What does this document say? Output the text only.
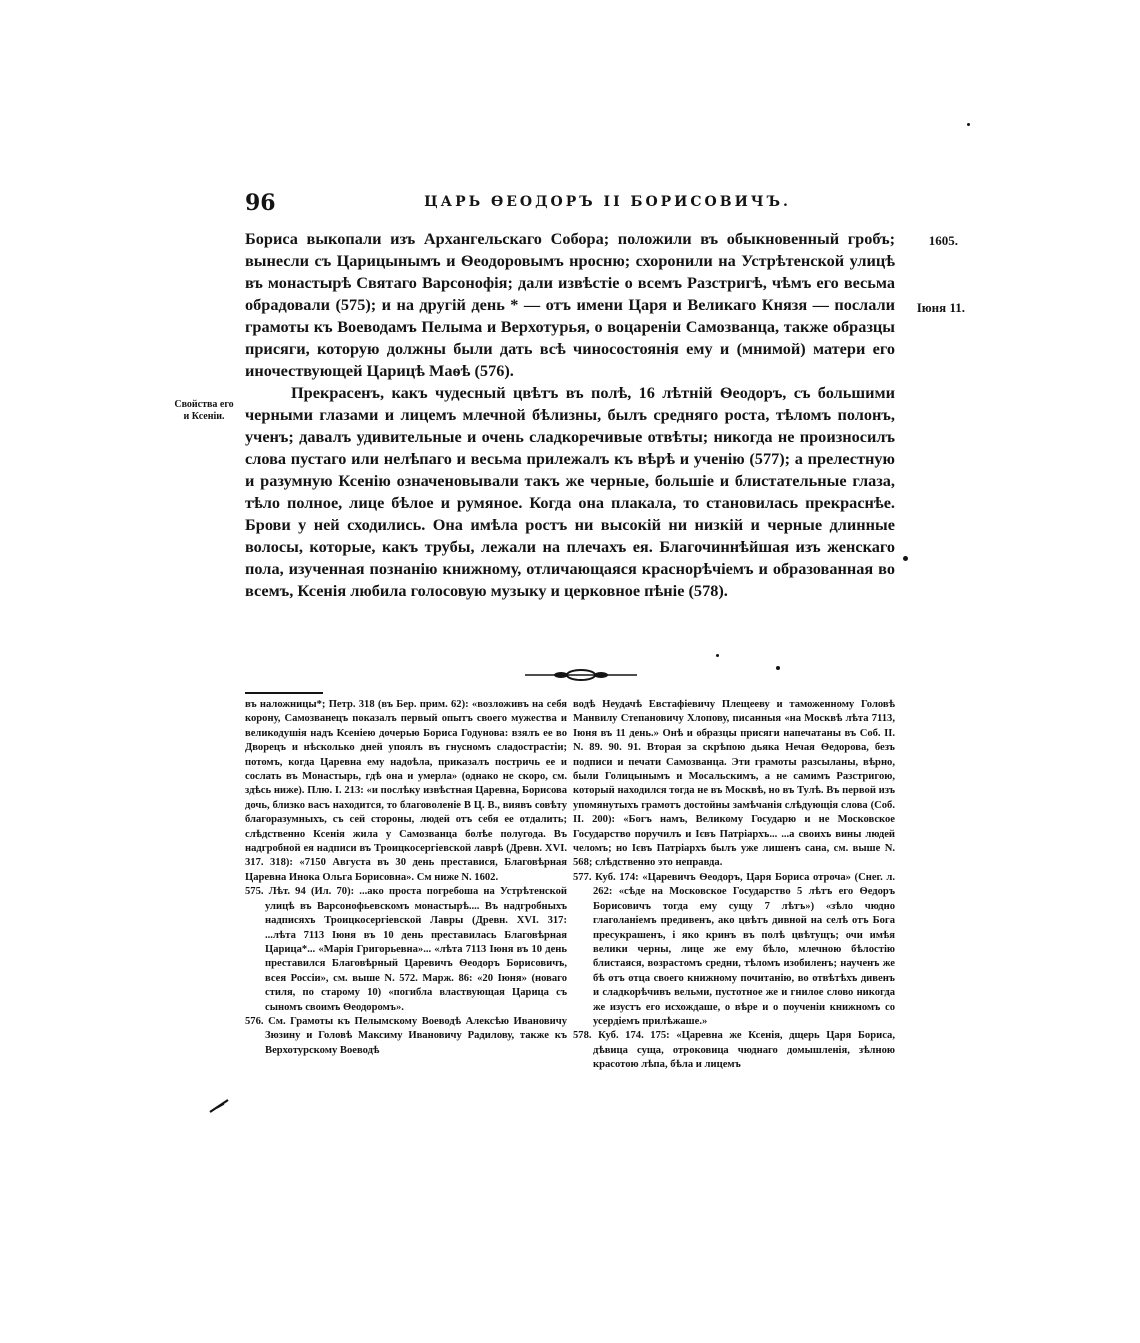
96	ЦАРЬ ѲЕОДОРЪ II БОРИСОВИЧЪ.
1605.
Іюня 11.
Свойства его
и Ксеніи.

Бориса выкопали изъ Архангельскаго Собора; положили въ обыкновенный гробъ; вынесли съ Царицынымъ и Ѳеодоровымъ нросню; схоронили на Устрѣтенской улицѣ въ монастырѣ Святаго Варсонофія; дали извѣстіе о всемъ Разстригѣ, чѣмъ его весьма обрадовали (575); и на другій день * — отъ имени Царя и Великаго Князя — послали грамоты къ Воеводамъ Пелыма и Верхотурья, о воцареніи Самозванца, также образцы присяги, которую должны были дать всѣ чиносостоянія ему и (мнимой) матери его иночествующей Царицѣ Маѳѣ (576).

Прекрасенъ, какъ чудесный цвѣтъ въ полѣ, 16 лѣтній Ѳеодоръ, съ большими черными глазами и лицемъ млечной бѣлизны, былъ средняго роста, тѣломъ полонъ, ученъ; давалъ удивительные и очень сладкоречивые отвѣты; никогда не произносилъ слова пустаго или нелѣпаго и весьма прилежалъ къ вѣрѣ и ученію (577); а прелестную и разумную Ксенію означеновывали такъ же черные, большіе и блистательные глаза, тѣло полное, лице бѣлое и румяное. Когда она плакала, то становилась прекраснѣе. Брови у ней сходились. Она имѣла ростъ ни высокій ни низкій и черные длинные волосы, которые, какъ трубы, лежали на плечахъ ея. Благочиннѣйшая изъ женскаго пола, изученная познанію книжному, отличающаяся краснорѣчіемъ и образованная во всемъ, Ксенія любила голосовую музыку и церковное пѣніе (578).

въ наложницы*; Петр. 318 (въ Бер. прим. 62): «возложивъ на себя корону, Самозванецъ показалъ первый опытъ своего мужества и великодушія надъ Ксеніею дочерью Бориса Годунова: взялъ ее во Дворецъ и нѣсколько дней упоялъ въ гнусномъ сладострастіи; потомъ, когда Царевна ему надоѣла, приказалъ постричь ее и сослать въ Монастырь, гдѣ она и умерла» (однако не скоро, см. здѣсь ниже). Плю. I. 213: «и послѣку извѣстная Царевна, Борисова дочь, близко васъ находится, то благоволеніе В Ц. В., виявъ совѣту благоразумныхъ, съ сей стороны, людей отъ себя ее отдалить; слѣдственно Ксенія жила у Самозванца болѣе полугода. Въ надгробной ея надписи въ Троицкосергіевской лаврѣ (Древн. XVI. 317. 318): «7150 Августа въ 30 день преставися, Благовѣрная Царевна Инока Ольга Борисовна». См ниже N. 1602.

575. Лѣт. 94 (Ил. 70): ...ако проста погребоша на Устрѣтенской улицѣ въ Варсонофьевскомъ монастырѣ.... Въ надгробныхъ надписяхъ Троицкосергіевской Лавры (Древн. XVI. 317: ...лѣта 7113 Іюня въ 10 день преставилась Благовѣрная Царица*... «Марія Григорьевна»... «лѣта 7113 Іюня въ 10 день преставился Благовѣрный Царевичъ Ѳеодоръ Борисовичъ, всея Россіи», см. выше N. 572. Марж. 86: «20 Іюня» (новаго стиля, по старому 10) «погибла властвующая Царица съ сыномъ своимъ Ѳеодоромъ».

576. См. Грамоты къ Пелымскому Воеводѣ Алексѣю Ивановичу Зюзину и Головѣ Максиму Ивановичу Радилову, также къ Верхотурскому Воеводѣ

водѣ Неудачѣ Евстафіевичу Плещееву и таможенному Головѣ Манвилу Степановичу Хлопову, писанныя «на Москвѣ лѣта 7113, Іюня въ 11 день.» Онѣ и образцы присяги напечатаны въ Соб. II. N. 89. 90. 91. Вторая за скрѣпою дьяка Нечая Ѳедорова, безъ подписи и печати Самозванца. Эти грамоты разсыланы, вѣрно, были Голицынымъ и Мосальскимъ, а не самимъ Разстригою, который находился тогда не въ Москвѣ, но въ Тулѣ. Въ первой изъ упомянутыхъ грамотъ достойны замѣчанія слѣдующія слова (Соб. II. 200): «Богъ намъ, Великому Государю и не Московское Государство поручилъ и Ієвъ Патріархъ... ...а своихъ вины людей челомъ; но Ієвъ Патріархъ былъ уже лишенъ сана, см. выше N. 568; слѣдственно это неправда.

577. Куб. 174: «Царевичъ Ѳеодоръ, Царя Бориса отроча» (Снег. л. 262: «сѣде на Московское Государство 5 лѣтъ его Ѳедоръ Борисовичъ тогда ему сущу 7 лѣтъ») «зѣло чюдно глаголаніемъ предивенъ, ако цвѣтъ дивной на селѣ отъ Бога пресукрашенъ, і яко кринъ въ полѣ цвѣтущъ; очи имѣя велики черны, лице же ему бѣло, млечною бѣлостію блистаяся, возрастомъ средни, тѣломъ изобиленъ; наученъ же бѣ отъ отца своего книжному почитанію, во отвѣтѣхъ дивенъ и сладкорѣчивъ вельми, пустотное же и гнилое слово никогда же изустъ его исхождаше, о вѣре и о поученіи книжномъ со усердіемъ прилѣжаше.»

578. Куб. 174. 175: «Царевна же Ксенія, дщерь Царя Бориса, дѣвица суща, отроковица чюднаго домышленія, зѣлною красотою лѣпа, бѣла и лицемъ
